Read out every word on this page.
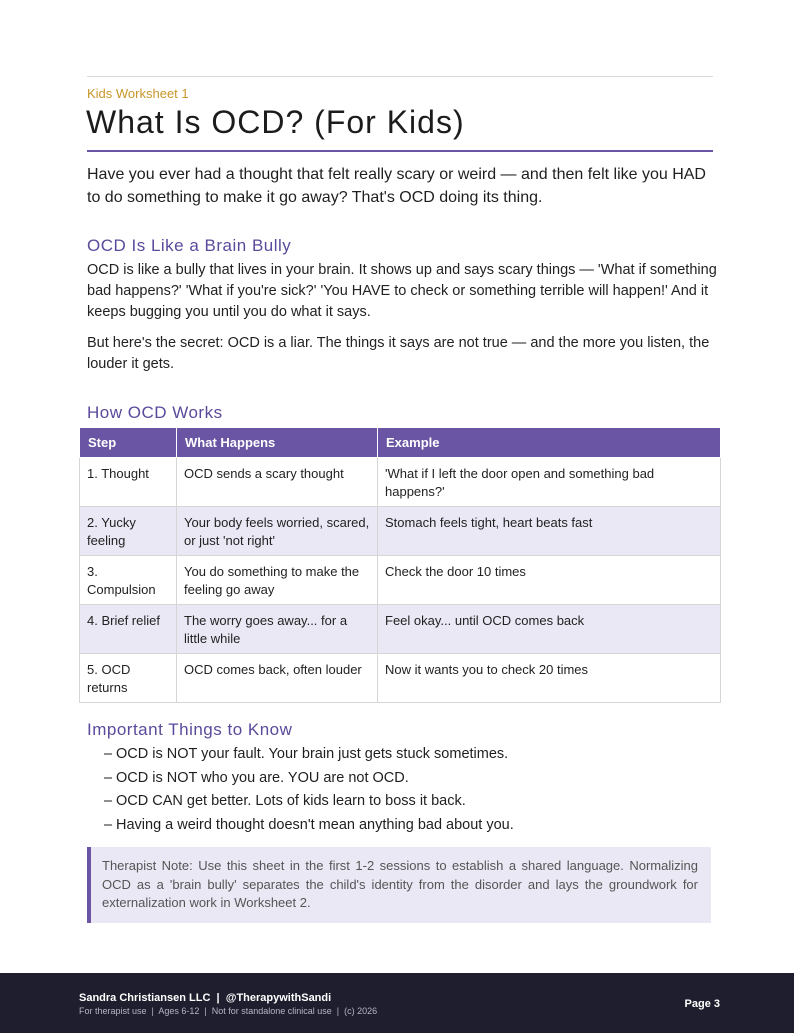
Kids Worksheet 1
What Is OCD? (For Kids)

Have you ever had a thought that felt really scary or weird — and then felt like you HAD to do something to make it go away? That's OCD doing its thing.

OCD Is Like a Brain Bully

OCD is like a bully that lives in your brain. It shows up and says scary things — 'What if something bad happens?' 'What if you're sick?' 'You HAVE to check or something terrible will happen!' And it keeps bugging you until you do what it says.

But here's the secret: OCD is a liar. The things it says are not true — and the more you listen, the louder it gets.

How OCD Works
Step	What Happens	Example
1. Thought	OCD sends a scary thought	'What if I left the door open and something bad happens?'
2. Yucky feeling	Your body feels worried, scared, or just 'not right'	Stomach feels tight, heart beats fast
3. Compulsion	You do something to make the feeling go away	Check the door 10 times
4. Brief relief	The worry goes away... for a little while	Feel okay... until OCD comes back
5. OCD returns	OCD comes back, often louder	Now it wants you to check 20 times
Important Things to Know
– OCD is NOT your fault. Your brain just gets stuck sometimes.
– OCD is NOT who you are. YOU are not OCD.
– OCD CAN get better. Lots of kids learn to boss it back.
– Having a weird thought doesn't mean anything bad about you.

Therapist Note: Use this sheet in the first 1-2 sessions to establish a shared language. Normalizing OCD as a 'brain bully' separates the child's identity from the disorder and lays the groundwork for externalization work in Worksheet 2.

Sandra Christiansen LLC  |  @TherapywithSandi
For therapist use  |  Ages 6-12  |  Not for standalone clinical use  |  (c) 2026
Page 3
